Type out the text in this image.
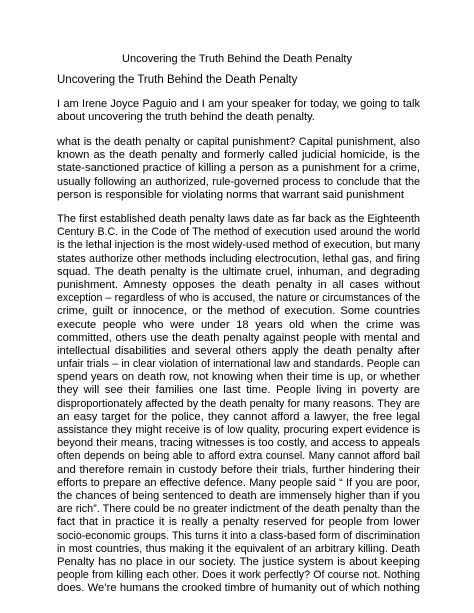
Uncovering the Truth Behind the Death Penalty
Uncovering the Truth Behind the Death Penalty
I am Irene Joyce Paguio and I am your speaker for today, we going to talk
about uncovering the truth behind the death penalty.
what is the death penalty or capital punishment? Capital punishment, also
known as the death penalty and formerly called judicial homicide, is the
state-sanctioned practice of killing a person as a punishment for a crime,
usually following an authorized, rule-governed process to conclude that the
person is responsible for violating norms that warrant said punishment
The first established death penalty laws date as far back as the Eighteenth
Century B.C. in the Code of The method of execution used around the world
is the lethal injection is the most widely-used method of execution, but many
states authorize other methods including electrocution, lethal gas, and firing
squad. The death penalty is the ultimate cruel, inhuman, and degrading
punishment. Amnesty opposes the death penalty in all cases without
exception – regardless of who is accused, the nature or circumstances of the
crime, guilt or innocence, or the method of execution. Some countries
execute people who were under 18 years old when the crime was
committed, others use the death penalty against people with mental and
intellectual disabilities and several others apply the death penalty after
unfair trials – in clear violation of international law and standards. People can
spend years on death row, not knowing when their time is up, or whether
they will see their families one last time. People living in poverty are
disproportionately affected by the death penalty for many reasons. They are
an easy target for the police, they cannot afford a lawyer, the free legal
assistance they might receive is of low quality, procuring expert evidence is
beyond their means, tracing witnesses is too costly, and access to appeals
often depends on being able to afford extra counsel. Many cannot afford bail
and therefore remain in custody before their trials, further hindering their
efforts to prepare an effective defence. Many people said “ If you are poor,
the chances of being sentenced to death are immensely higher than if you
are rich”. There could be no greater indictment of the death penalty than the
fact that in practice it is really a penalty reserved for people from lower
socio-economic groups. This turns it into a class-based form of discrimination
in most countries, thus making it the equivalent of an arbitrary killing. Death
Penalty has no place in our society. The justice system is about keeping
people from killing each other. Does it work perfectly? Of course not. Nothing
does. We’re humans the crooked timbre of humanity out of which nothing
